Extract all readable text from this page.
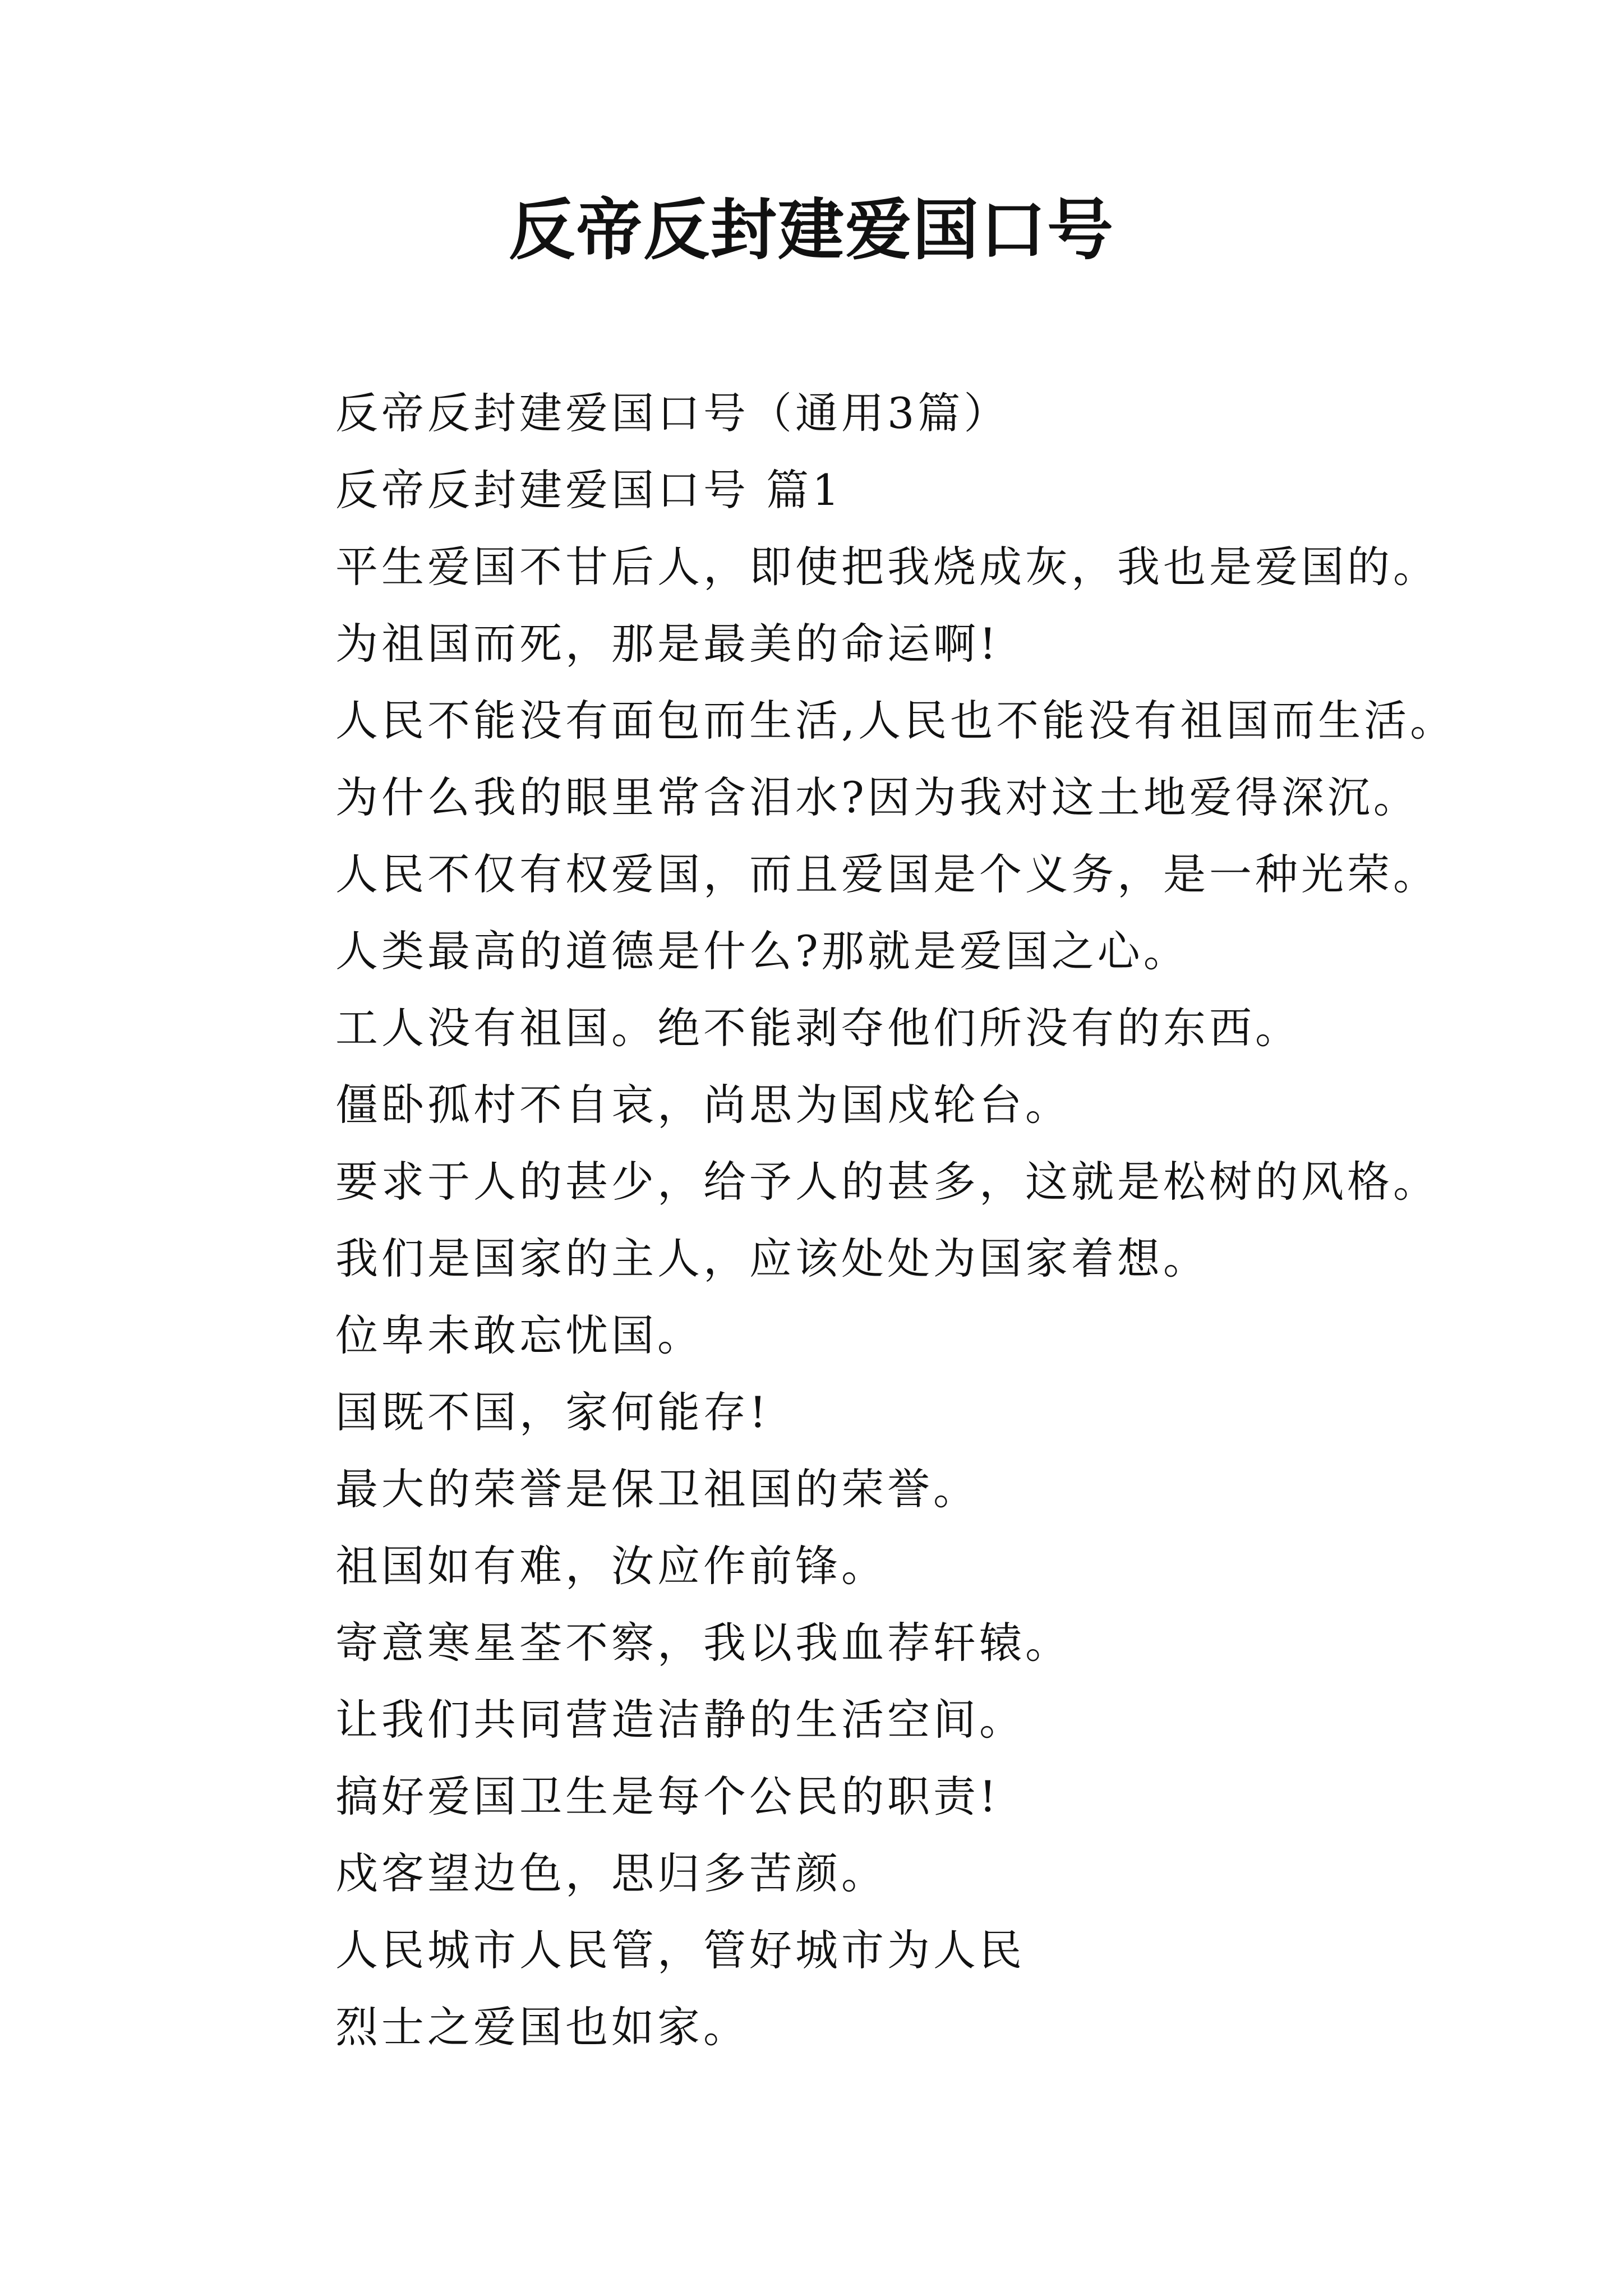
反帝反封建爱国口号
反帝反封建爱国口号（通用3篇）
反帝反封建爱国口号 篇1
平生爱国不甘后人，即使把我烧成灰，我也是爱国的。
为祖国而死，那是最美的命运啊!
人民不能没有面包而生活,人民也不能没有祖国而生活。
为什么我的眼里常含泪水?因为我对这土地爱得深沉。
人民不仅有权爱国，而且爱国是个义务，是一种光荣。
人类最高的道德是什么?那就是爱国之心。
工人没有祖国。绝不能剥夺他们所没有的东西。
僵卧孤村不自哀，尚思为国戍轮台。
要求于人的甚少，给予人的甚多，这就是松树的风格。
我们是国家的主人，应该处处为国家着想。
位卑未敢忘忧国。
国既不国，家何能存!
最大的荣誉是保卫祖国的荣誉。
祖国如有难，汝应作前锋。
寄意寒星荃不察，我以我血荐轩辕。
让我们共同营造洁静的生活空间。
搞好爱国卫生是每个公民的职责!
戍客望边色，思归多苦颜。
人民城市人民管，管好城市为人民
烈士之爱国也如家。
